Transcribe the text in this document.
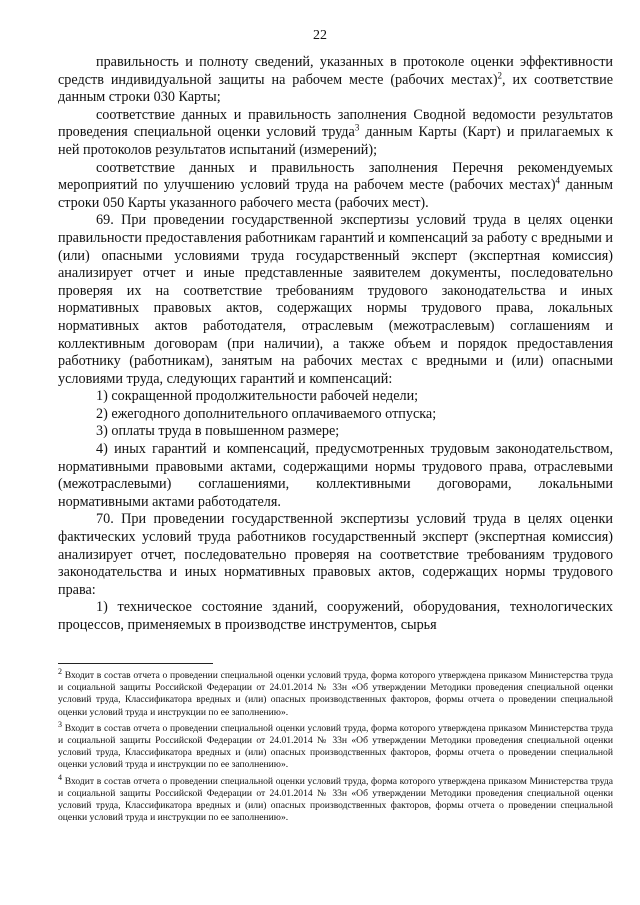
22

правильность и полноту сведений, указанных в протоколе оценки эффективности средств индивидуальной защиты на рабочем месте (рабочих местах)$^2$, их соответствие данным строки 030 Карты;

соответствие данных и правильность заполнения Сводной ведомости результатов проведения специальной оценки условий труда$^3$ данным Карты (Карт) и прилагаемых к ней протоколов результатов испытаний (измерений);

соответствие данных и правильность заполнения Перечня рекомендуемых мероприятий по улучшению условий труда на рабочем месте (рабочих местах)$^4$ данным строки 050 Карты указанного рабочего места (рабочих мест).

69. При проведении государственной экспертизы условий труда в целях оценки правильности предоставления работникам гарантий и компенсаций за работу с вредными и (или) опасными условиями труда государственный эксперт (экспертная комиссия) анализирует отчет и иные представленные заявителем документы, последовательно проверяя их на соответствие требованиям трудового законодательства и иных нормативных правовых актов, содержащих нормы трудового права, локальных нормативных актов работодателя, отраслевым (межотраслевым) соглашениям и коллективным договорам (при наличии), а также объем и порядок предоставления работнику (работникам), занятым на рабочих местах с вредными и (или) опасными условиями труда, следующих гарантий и компенсаций:

1) сокращенной продолжительности рабочей недели;

2) ежегодного дополнительного оплачиваемого отпуска;

3) оплаты труда в повышенном размере;

4) иных гарантий и компенсаций, предусмотренных трудовым законодательством, нормативными правовыми актами, содержащими нормы трудового права, отраслевыми (межотраслевыми) соглашениями, коллективными договорами, локальными нормативными актами работодателя.

70. При проведении государственной экспертизы условий труда в целях оценки фактических условий труда работников государственный эксперт (экспертная комиссия) анализирует отчет, последовательно проверяя на соответствие требованиям трудового законодательства и иных нормативных правовых актов, содержащих нормы трудового права:

1) техническое состояние зданий, сооружений, оборудования, технологических процессов, применяемых в производстве инструментов, сырья

$^2$ Входит в состав отчета о проведении специальной оценки условий труда, форма которого утверждена приказом Министерства труда и социальной защиты Российской Федерации от 24.01.2014 № 33н «Об утверждении Методики проведения специальной оценки условий труда, Классификатора вредных и (или) опасных производственных факторов, формы отчета о проведении специальной оценки условий труда и инструкции по ее заполнению».

$^3$ Входит в состав отчета о проведении специальной оценки условий труда, форма которого утверждена приказом Министерства труда и социальной защиты Российской Федерации от 24.01.2014 № 33н «Об утверждении Методики проведения специальной оценки условий труда, Классификатора вредных и (или) опасных производственных факторов, формы отчета о проведении специальной оценки условий труда и инструкции по ее заполнению».

$^4$ Входит в состав отчета о проведении специальной оценки условий труда, форма которого утверждена приказом Министерства труда и социальной защиты Российской Федерации от 24.01.2014 № 33н «Об утверждении Методики проведения специальной оценки условий труда, Классификатора вредных и (или) опасных производственных факторов, формы отчета о проведении специальной оценки условий труда и инструкции по ее заполнению».
